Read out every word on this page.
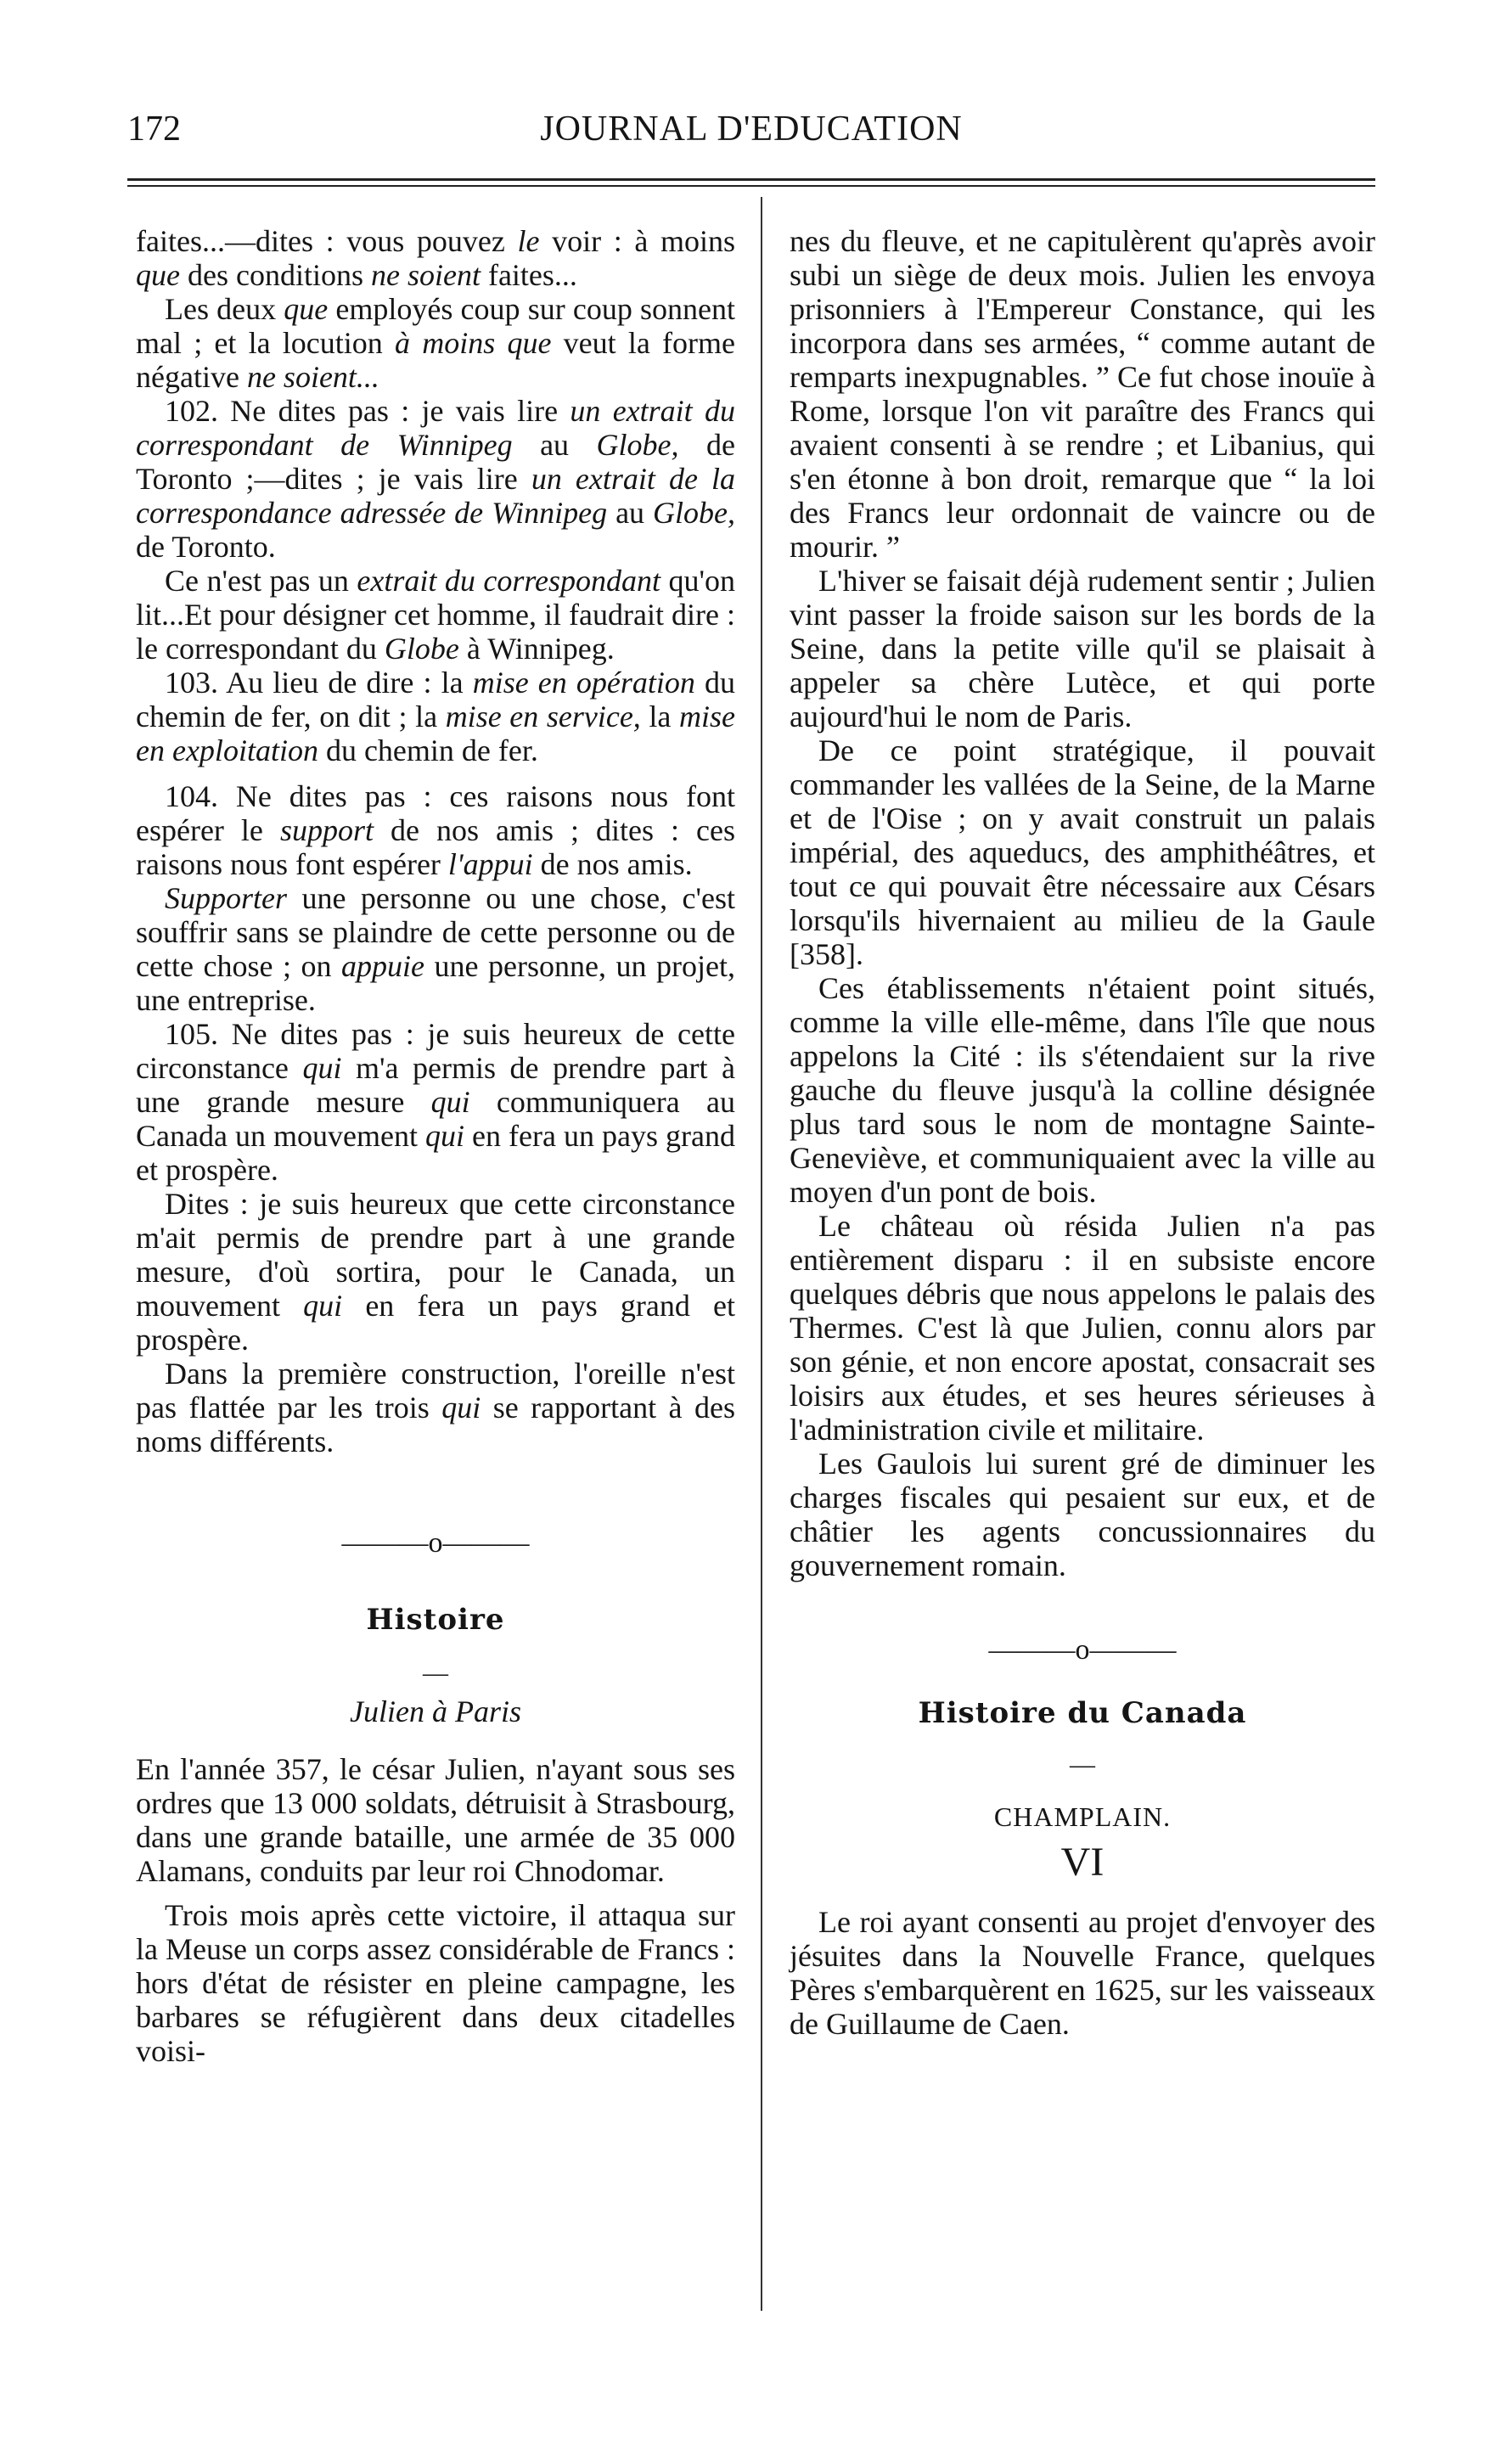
172	JOURNAL D'EDUCATION

faites...—dites : vous pouvez le voir : à moins que des conditions ne soient faites...

Les deux que employés coup sur coup sonnent mal ; et la locution à moins que veut la forme négative ne soient...

102. Ne dites pas : je vais lire un extrait du correspondant de Winnipeg au Globe, de Toronto ;—dites ; je vais lire un extrait de la correspondance adressée de Winnipeg au Globe, de Toronto.

Ce n'est pas un extrait du correspondant qu'on lit...Et pour désigner cet homme, il faudrait dire : le correspondant du Globe à Winnipeg.

103. Au lieu de dire : la mise en opération du chemin de fer, on dit ; la mise en service, la mise en exploitation du chemin de fer.

104. Ne dites pas : ces raisons nous font espérer le support de nos amis ; dites : ces raisons nous font espérer l'appui de nos amis.

Supporter une personne ou une chose, c'est souffrir sans se plaindre de cette personne ou de cette chose ; on appuie une personne, un projet, une entreprise.

105. Ne dites pas : je suis heureux de cette circonstance qui m'a permis de prendre part à une grande mesure qui communiquera au Canada un mouvement qui en fera un pays grand et prospère.

Dites : je suis heureux que cette circonstance m'ait permis de prendre part à une grande mesure, d'où sortira, pour le Canada, un mouvement qui en fera un pays grand et prospère.

Dans la première construction, l'oreille n'est pas flattée par les trois qui se rapportant à des noms différents.

———o———

Histoire

—

Julien à Paris

En l'année 357, le césar Julien, n'ayant sous ses ordres que 13 000 soldats, détruisit à Strasbourg, dans une grande bataille, une armée de 35 000 Alamans, conduits par leur roi Chnodomar.

Trois mois après cette victoire, il attaqua sur la Meuse un corps assez considérable de Francs : hors d'état de résister en pleine campagne, les barbares se réfugièrent dans deux citadelles voisi-

nes du fleuve, et ne capitulèrent qu'après avoir subi un siège de deux mois. Julien les envoya prisonniers à l'Empereur Constance, qui les incorpora dans ses armées, “ comme autant de remparts inexpugnables. ” Ce fut chose inouïe à Rome, lorsque l'on vit paraître des Francs qui avaient consenti à se rendre ; et Libanius, qui s'en étonne à bon droit, remarque que “ la loi des Francs leur ordonnait de vaincre ou de mourir. ”

L'hiver se faisait déjà rudement sentir ; Julien vint passer la froide saison sur les bords de la Seine, dans la petite ville qu'il se plaisait à appeler sa chère Lutèce, et qui porte aujourd'hui le nom de Paris.

De ce point stratégique, il pouvait commander les vallées de la Seine, de la Marne et de l'Oise ; on y avait construit un palais impérial, des aqueducs, des amphithéâtres, et tout ce qui pouvait être nécessaire aux Césars lorsqu'ils hivernaient au milieu de la Gaule [358].

Ces établissements n'étaient point situés, comme la ville elle-même, dans l'île que nous appelons la Cité : ils s'étendaient sur la rive gauche du fleuve jusqu'à la colline désignée plus tard sous le nom de montagne Sainte-Geneviève, et communiquaient avec la ville au moyen d'un pont de bois.

Le château où résida Julien n'a pas entièrement disparu : il en subsiste encore quelques débris que nous appelons le palais des Thermes. C'est là que Julien, connu alors par son génie, et non encore apostat, consacrait ses loisirs aux études, et ses heures sérieuses à l'administration civile et militaire.

Les Gaulois lui surent gré de diminuer les charges fiscales qui pesaient sur eux, et de châtier les agents concussionnaires du gouvernement romain.

———o———

Histoire du Canada

—

CHAMPLAIN.

VI

Le roi ayant consenti au projet d'envoyer des jésuites dans la Nouvelle France, quelques Pères s'embarquèrent en 1625, sur les vaisseaux de Guillaume de Caen.
